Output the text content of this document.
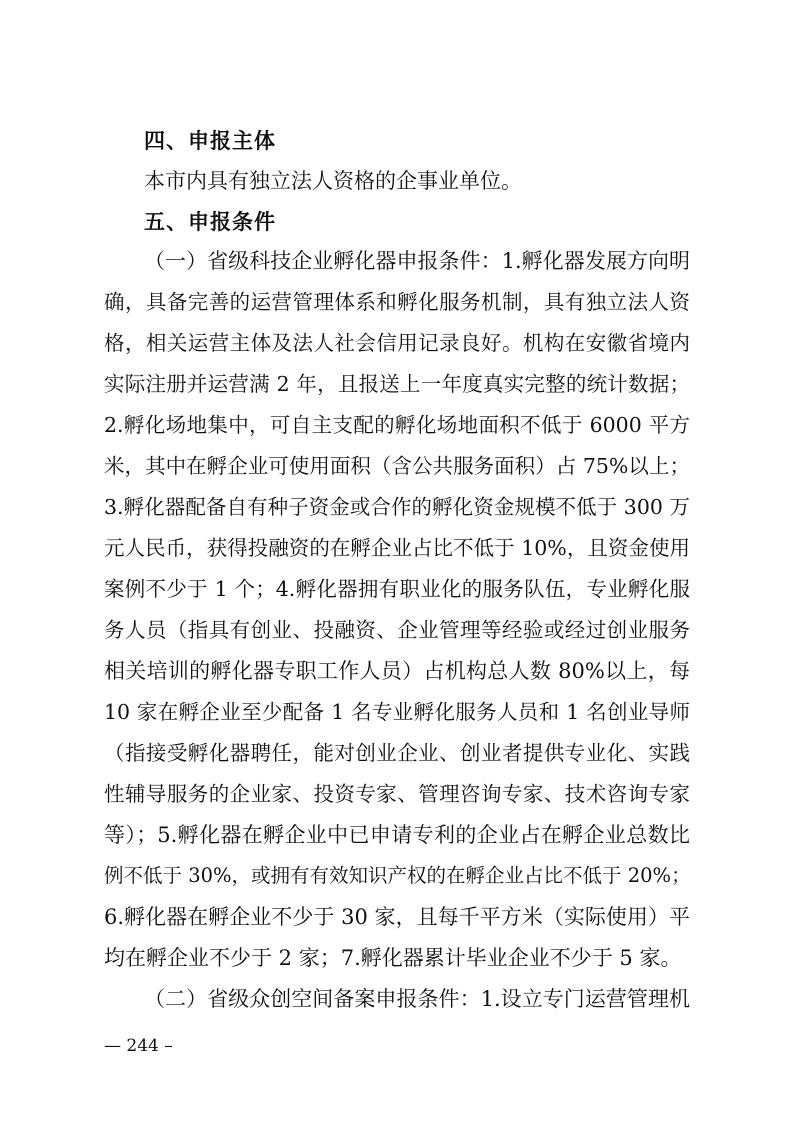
四、申报主体

本市内具有独立法人资格的企事业单位。

五、申报条件

（一）省级科技企业孵化器申报条件：1.孵化器发展方向明

确，具备完善的运营管理体系和孵化服务机制，具有独立法人资

格，相关运营主体及法人社会信用记录良好。机构在安徽省境内

实际注册并运营满 2 年，且报送上一年度真实完整的统计数据；

2.孵化场地集中，可自主支配的孵化场地面积不低于 6000 平方

米，其中在孵企业可使用面积（含公共服务面积）占 75%以上；

3.孵化器配备自有种子资金或合作的孵化资金规模不低于 300 万

元人民币，获得投融资的在孵企业占比不低于 10%，且资金使用

案例不少于 1 个；4.孵化器拥有职业化的服务队伍，专业孵化服

务人员（指具有创业、投融资、企业管理等经验或经过创业服务

相关培训的孵化器专职工作人员）占机构总人数 80%以上，每

10 家在孵企业至少配备 1 名专业孵化服务人员和 1 名创业导师

（指接受孵化器聘任，能对创业企业、创业者提供专业化、实践

性辅导服务的企业家、投资专家、管理咨询专家、技术咨询专家

等）；5.孵化器在孵企业中已申请专利的企业占在孵企业总数比

例不低于 30%，或拥有有效知识产权的在孵企业占比不低于 20%；

6.孵化器在孵企业不少于 30 家，且每千平方米（实际使用）平

均在孵企业不少于 2 家；7.孵化器累计毕业企业不少于 5 家。

（二）省级众创空间备案申报条件：1.设立专门运营管理机

— 244 –
